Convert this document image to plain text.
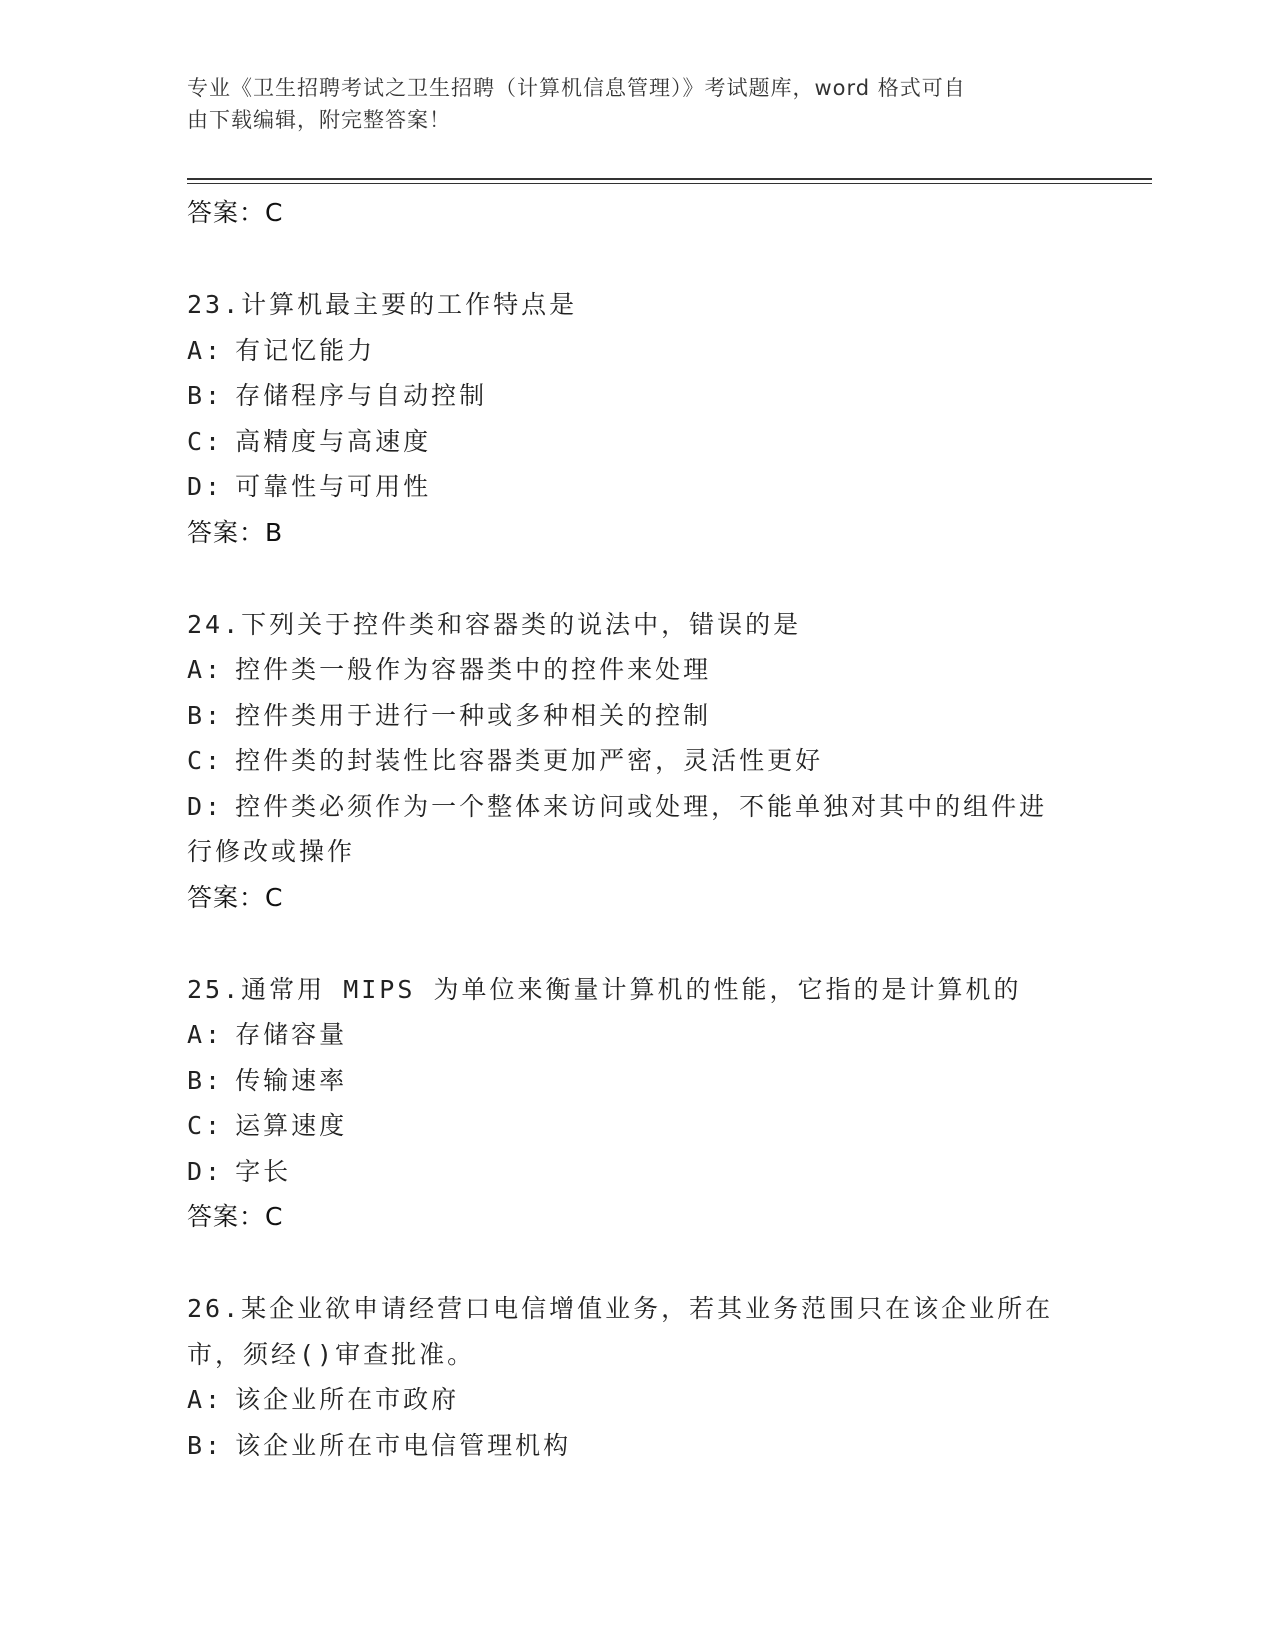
专业《卫生招聘考试之卫生招聘（计算机信息管理）》考试题库，word 格式可自
由下载编辑，附完整答案！
答案：C
23.计算机最主要的工作特点是
A: 有记忆能力
B: 存储程序与自动控制
C: 高精度与高速度
D: 可靠性与可用性
答案：B
24.下列关于控件类和容器类的说法中，错误的是
A: 控件类一般作为容器类中的控件来处理
B: 控件类用于进行一种或多种相关的控制
C: 控件类的封装性比容器类更加严密，灵活性更好
D: 控件类必须作为一个整体来访问或处理，不能单独对其中的组件进
行修改或操作
答案：C
25.通常用 MIPS 为单位来衡量计算机的性能，它指的是计算机的
A: 存储容量
B: 传输速率
C: 运算速度
D: 字长
答案：C
26.某企业欲申请经营口电信增值业务，若其业务范围只在该企业所在
市，须经()审查批准。
A: 该企业所在市政府
B: 该企业所在市电信管理机构
